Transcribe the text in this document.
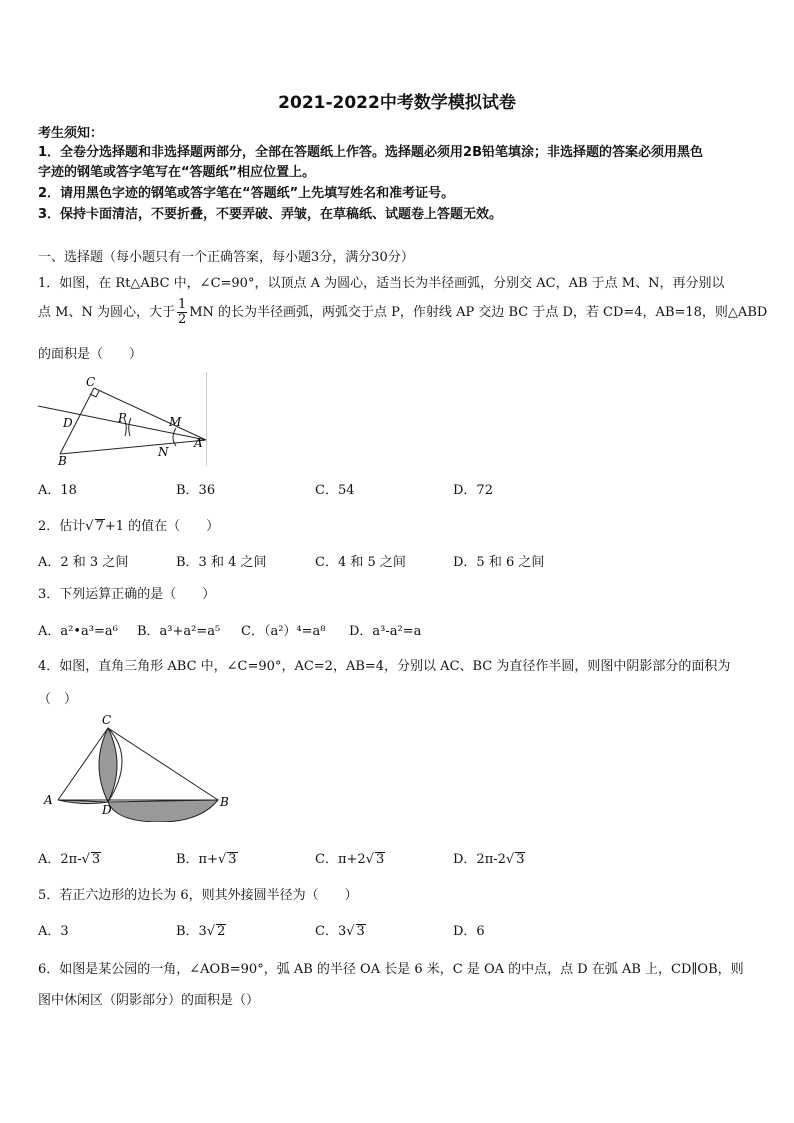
2021-2022中考数学模拟试卷
考生须知：
1．全卷分选择题和非选择题两部分，全部在答题纸上作答。选择题必须用2B铅笔填涂；非选择题的答案必须用黑色
字迹的钢笔或答字笔写在“答题纸”相应位置上。
2．请用黑色字迹的钢笔或答字笔在“答题纸”上先填写姓名和准考证号。
3．保持卡面清洁，不要折叠，不要弄破、弄皱，在草稿纸、试题卷上答题无效。
一、选择题（每小题只有一个正确答案，每小题3分，满分30分）
1．如图，在 Rt△ABC 中，∠C=90°，以顶点 A 为圆心，适当长为半径画弧，分别交 AC，AB 于点 M、N，再分别以
点 M、N 为圆心，大于 $\frac{1}{2}$ MN 的长为半径画弧，两弧交于点 P，作射线 AP 交边 BC 于点 D，若 CD=4，AB=18，则△ABD
的面积是（　　）
C
D	P	M
A
B
N
A．18	B．36	C．54	D．72
2．估计√ 7+1 的值在（　　）
A．2 和 3 之间	B．3 和 4 之间	C．4 和 5 之间	D．5 和 6 之间
3．下列运算正确的是（　　）
A．a²•a³=a⁶ B．a³+a²=a⁵ C．（a²）⁴=a⁸ D．a³-a²=a
4．如图，直角三角形 ABC 中，∠C=90°，AC=2，AB=4，分别以 AC、BC 为直径作半圆，则图中阴影部分的面积为
（　）
C
A
D
B
A．2π-√ 3	B．π+√ 3	C．π+2√ 3	D．2π-2√ 3
5．若正六边形的边长为 6，则其外接圆半径为（　　）
A．3	B．3√ 2	C．3√ 3	D．6
6．如图是某公园的一角，∠AOB=90°，弧 AB 的半径 OA 长是 6 米，C 是 OA 的中点，点 D 在弧 AB 上，CD∥OB，则
图中休闲区（阴影部分）的面积是（）
